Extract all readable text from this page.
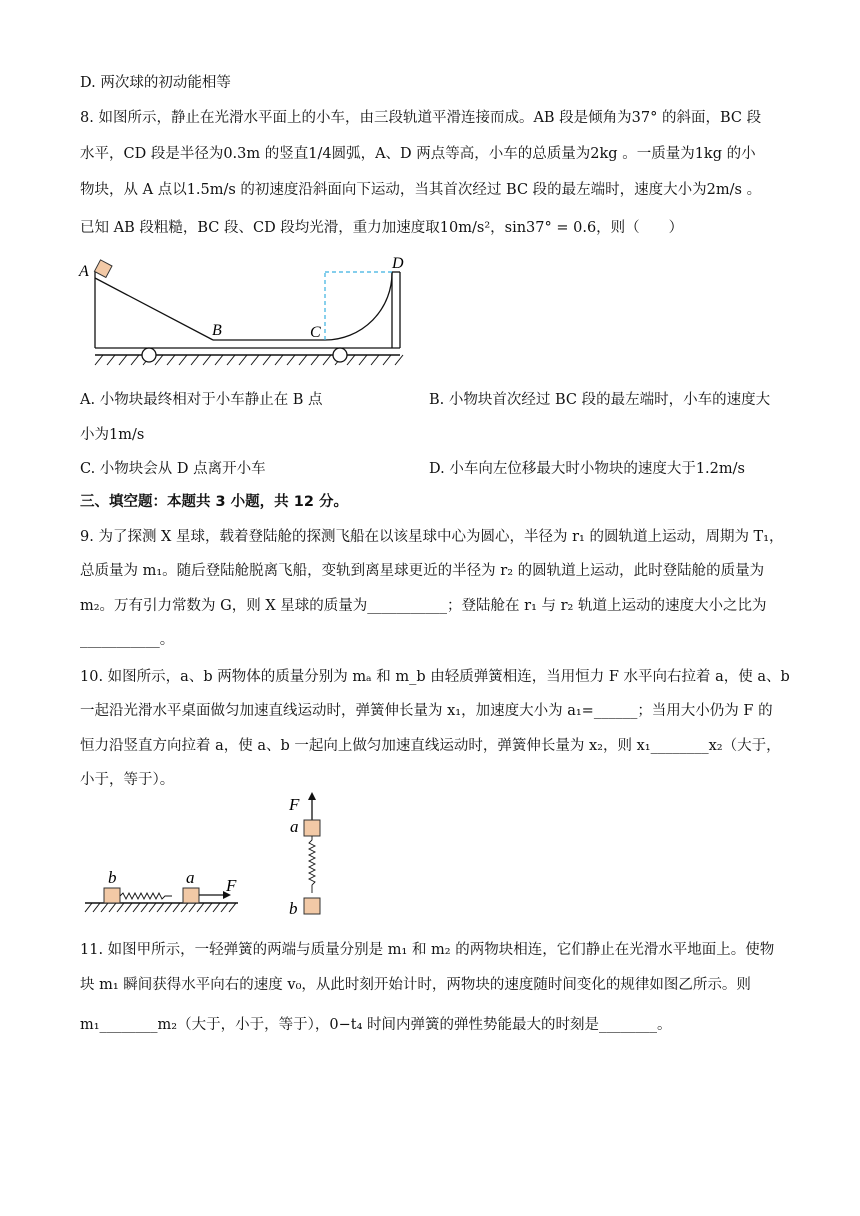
D. 两次球的初动能相等
8. 如图所示，静止在光滑水平面上的小车，由三段轨道平滑连接而成。AB 段是倾角为37° 的斜面，BC 段
水平，CD 段是半径为0.3m 的竖直1/4圆弧，A、D 两点等高，小车的总质量为2kg 。一质量为1kg 的小
物块，从 A 点以1.5m/s 的初速度沿斜面向下运动，当其首次经过 BC 段的最左端时，速度大小为2m/s 。
已知 AB 段粗糙，BC 段、CD 段均光滑，重力加速度取10m/s²，sin37° = 0.6，则（　　）
A
B	C
D
A. 小物块最终相对于小车静止在 B 点	B. 小物块首次经过 BC 段的最左端时，小车的速度大
小为1m/s
C. 小物块会从 D 点离开小车	D. 小车向左位移最大时小物块的速度大于1.2m/s
三、填空题：本题共 3 小题，共 12 分。
9. 为了探测 X 星球，载着登陆舱的探测飞船在以该星球中心为圆心，半径为 r₁ 的圆轨道上运动，周期为 T₁，
总质量为 m₁。随后登陆舱脱离飞船，变轨到离星球更近的半径为 r₂ 的圆轨道上运动，此时登陆舱的质量为
m₂。万有引力常数为 G，则 X 星球的质量为___________；登陆舱在 r₁ 与 r₂ 轨道上运动的速度大小之比为
___________。
10. 如图所示，a、b 两物体的质量分别为 mₐ 和 m_b 由轻质弹簧相连，当用恒力 F 水平向右拉着 a，使 a、b
一起沿光滑水平桌面做匀加速直线运动时，弹簧伸长量为 x₁，加速度大小为 a₁=______；当用大小仍为 F 的
恒力沿竖直方向拉着 a，使 a、b 一起向上做匀加速直线运动时，弹簧伸长量为 x₂，则 x₁________x₂（大于，
小于，等于）。
b	a F
F
a
b
11. 如图甲所示，一轻弹簧的两端与质量分别是 m₁ 和 m₂ 的两物块相连，它们静止在光滑水平地面上。使物
块 m₁ 瞬间获得水平向右的速度 v₀，从此时刻开始计时，两物块的速度随时间变化的规律如图乙所示。则
m₁________m₂（大于，小于，等于），0−t₄ 时间内弹簧的弹性势能最大的时刻是________。
